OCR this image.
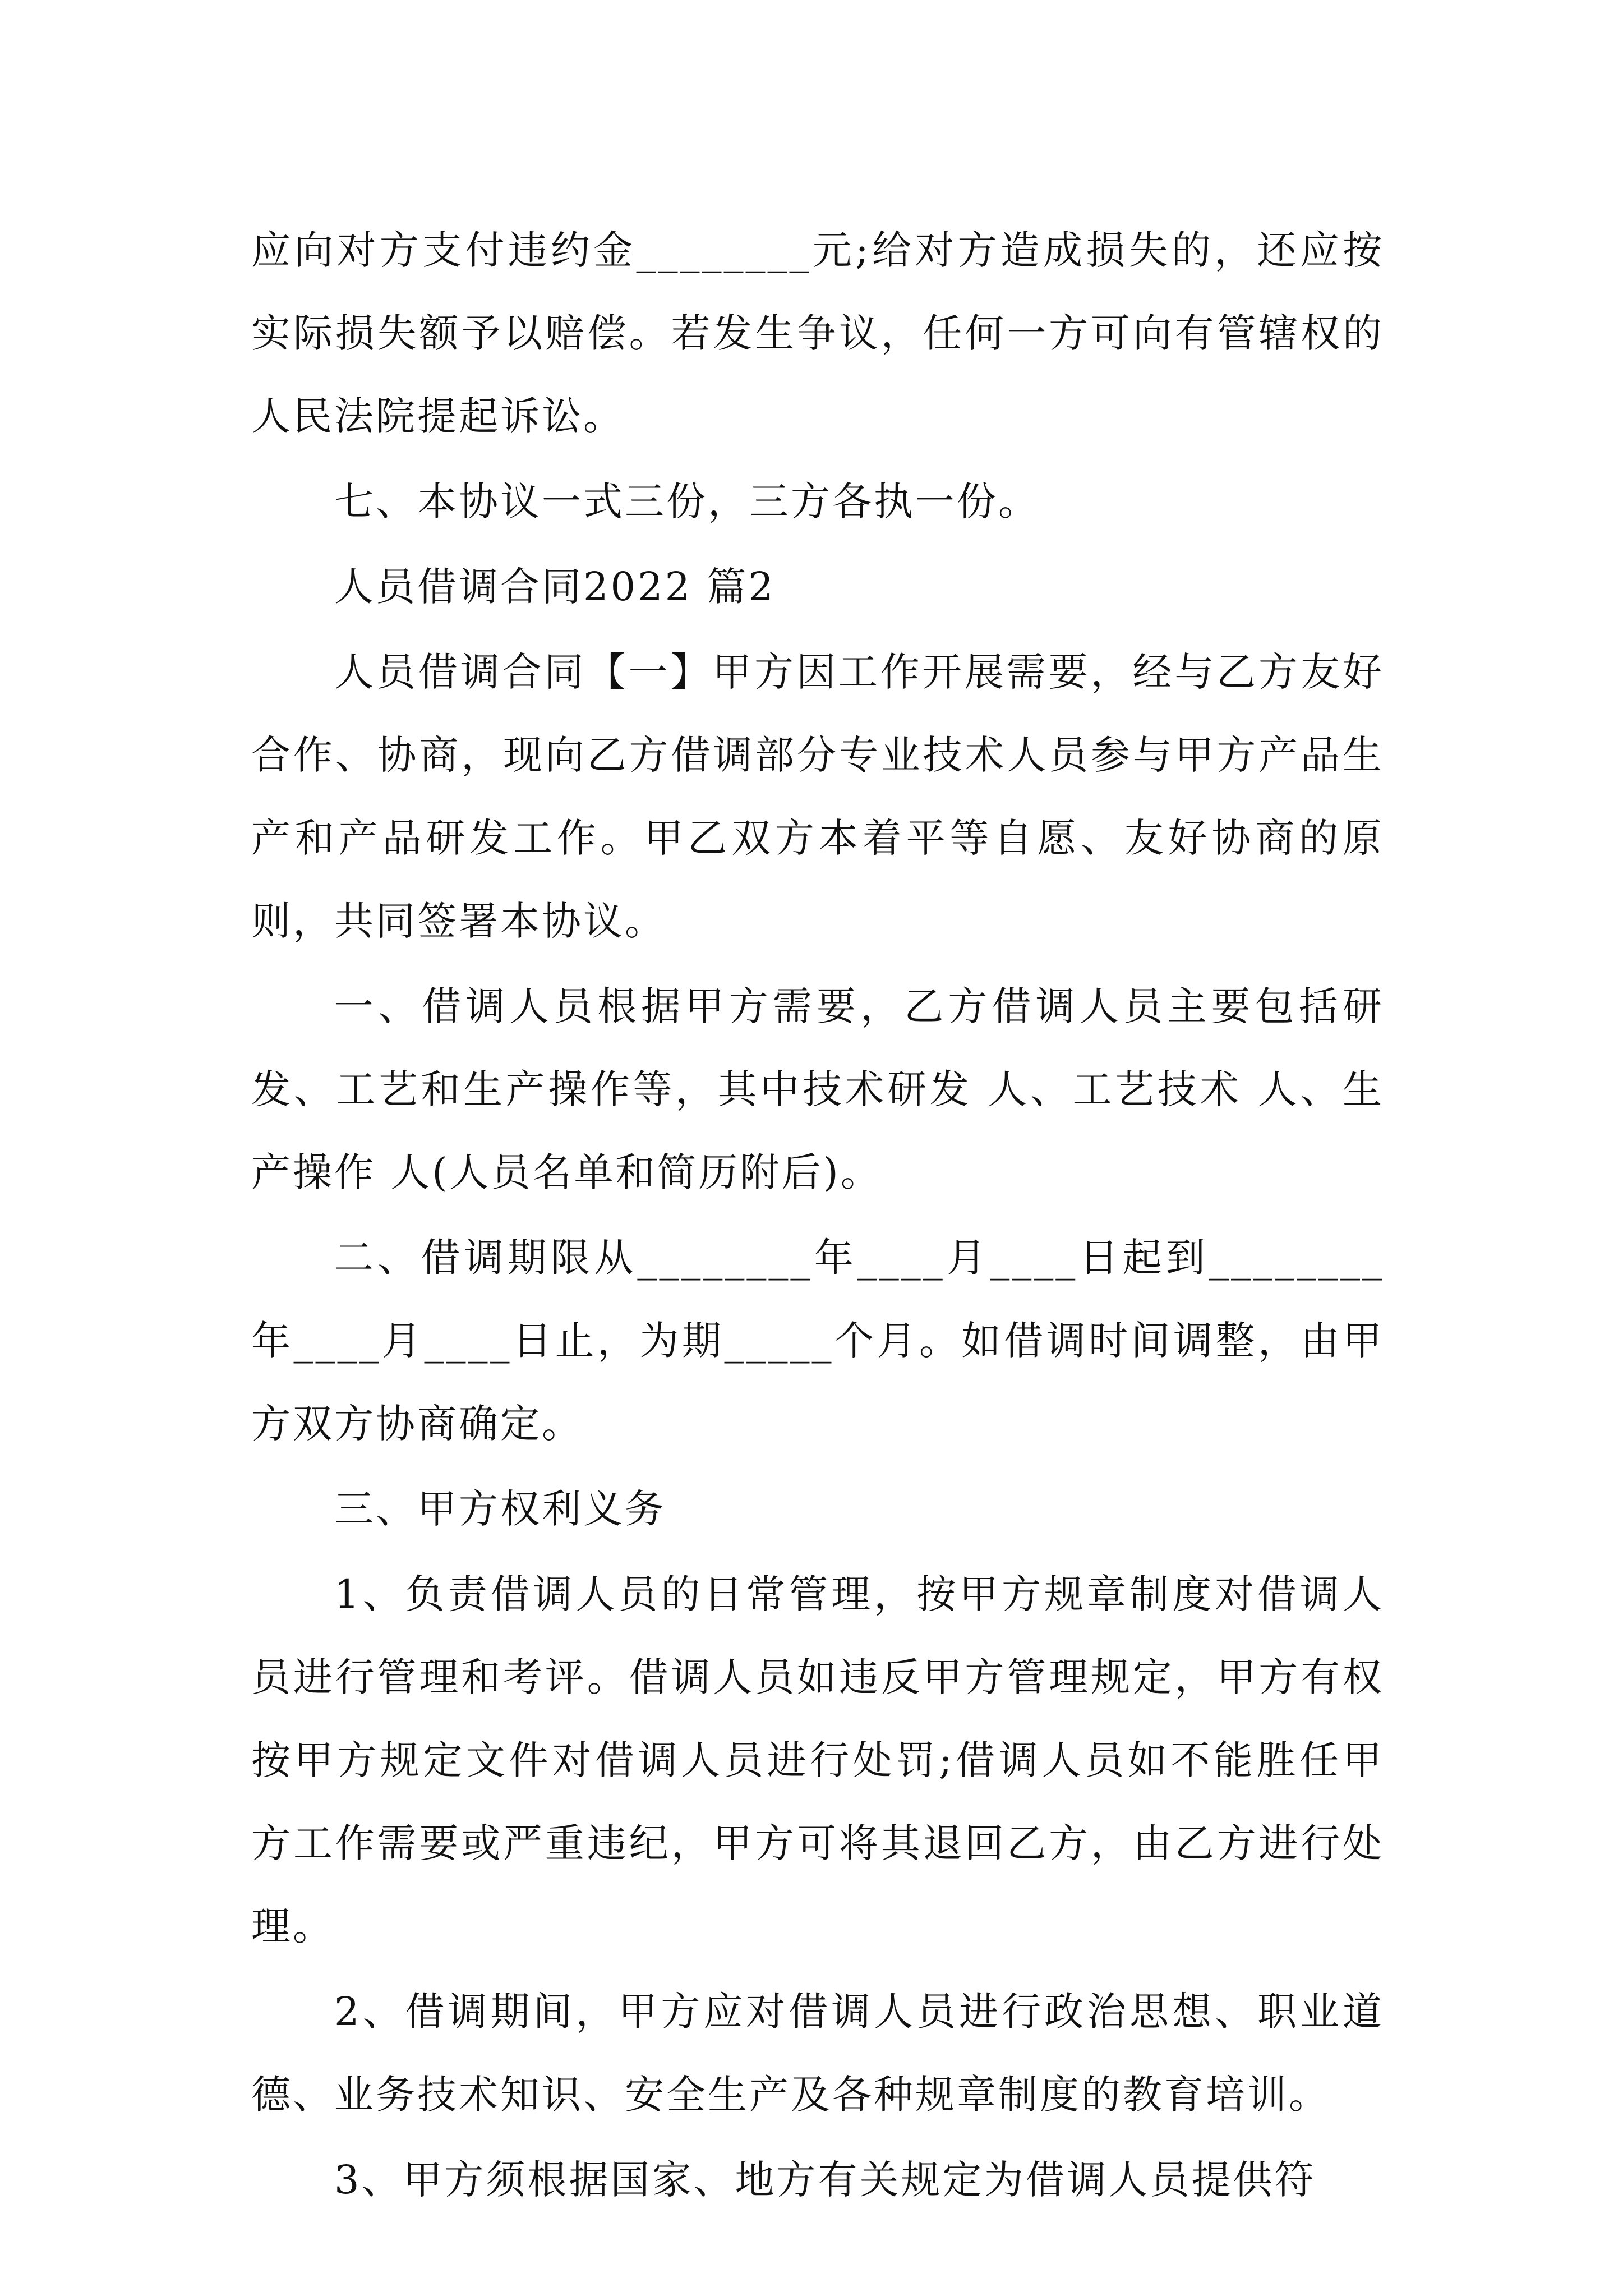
应向对方支付违约金________元;给对方造成损失的，还应按实际损失额予以赔偿。若发生争议，任何一方可向有管辖权的人民法院提起诉讼。

七、本协议一式三份，三方各执一份。

人员借调合同2022 篇2

人员借调合同【一】甲方因工作开展需要，经与乙方友好合作、协商，现向乙方借调部分专业技术人员参与甲方产品生产和产品研发工作。甲乙双方本着平等自愿、友好协商的原则，共同签署本协议。

一、借调人员根据甲方需要，乙方借调人员主要包括研发、工艺和生产操作等，其中技术研发 人、工艺技术 人、生产操作 人(人员名单和简历附后)。

二、借调期限从________年____月____日起到________年____月____日止，为期_____个月。如借调时间调整，由甲方双方协商确定。

三、甲方权利义务

1、负责借调人员的日常管理，按甲方规章制度对借调人员进行管理和考评。借调人员如违反甲方管理规定，甲方有权按甲方规定文件对借调人员进行处罚;借调人员如不能胜任甲方工作需要或严重违纪，甲方可将其退回乙方，由乙方进行处理。

2、借调期间，甲方应对借调人员进行政治思想、职业道德、业务技术知识、安全生产及各种规章制度的教育培训。

3、甲方须根据国家、地方有关规定为借调人员提供符
